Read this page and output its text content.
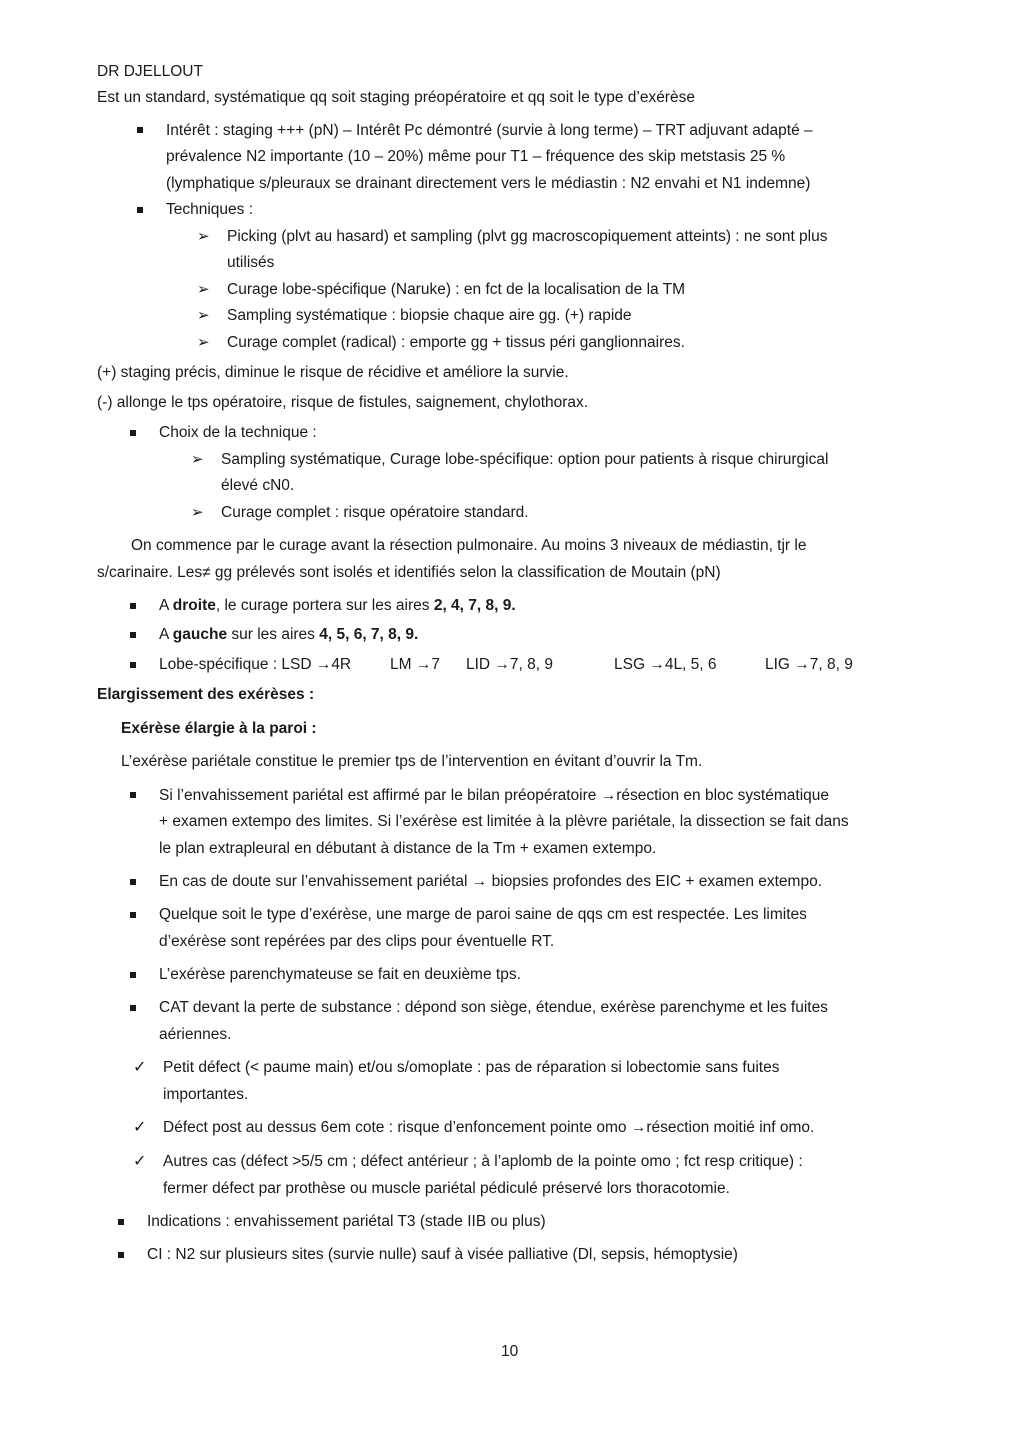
DR DJELLOUT
Est un standard, systématique qq soit staging préopératoire et qq soit le type d’exérèse
Intérêt : staging +++ (pN) – Intérêt Pc démontré (survie à long terme) – TRT adjuvant adapté –
prévalence N2 importante (10 – 20%) même pour T1 – fréquence des skip metstasis 25 %
(lymphatique s/pleuraux se drainant directement vers le médiastin : N2 envahi et N1 indemne)
Techniques :
➢ Picking (plvt au hasard) et sampling (plvt gg macroscopiquement atteints) : ne sont plus
utilisés
➢ Curage lobe-spécifique (Naruke) : en fct de la localisation de la TM
➢ Sampling systématique : biopsie chaque aire gg. (+) rapide
➢ Curage complet (radical) : emporte gg + tissus péri ganglionnaires.
(+) staging précis, diminue le risque de récidive et améliore la survie.
(-) allonge le tps opératoire, risque de fistules, saignement, chylothorax.
Choix de la technique :
➢ Sampling systématique, Curage lobe-spécifique: option pour patients à risque chirurgical
élevé cN0.
➢ Curage complet : risque opératoire standard.
On commence par le curage avant la résection pulmonaire. Au moins 3 niveaux de médiastin, tjr le
s/carinaire. Les≠ gg prélevés sont isolés et identifiés selon la classification de Moutain (pN)
A droite, le curage portera sur les aires 2, 4, 7, 8, 9.
A gauche sur les aires 4, 5, 6, 7, 8, 9.
Lobe-spécifique : LSD →4R	LM →7 LID →7, 8, 9	LSG →4L, 5, 6	LIG →7, 8, 9
Elargissement des exérèses :
Exérèse élargie à la paroi :
L’exérèse pariétale constitue le premier tps de l’intervention en évitant d’ouvrir la Tm.
Si l’envahissement pariétal est affirmé par le bilan préopératoire →résection en bloc systématique
+ examen extempo des limites. Si l’exérèse est limitée à la plèvre pariétale, la dissection se fait dans
le plan extrapleural en débutant à distance de la Tm + examen extempo.
En cas de doute sur l’envahissement pariétal → biopsies profondes des EIC + examen extempo.
Quelque soit le type d’exérèse, une marge de paroi saine de qqs cm est respectée. Les limites
d’exérèse sont repérées par des clips pour éventuelle RT.
L’exérèse parenchymateuse se fait en deuxième tps.
CAT devant la perte de substance : dépond son siège, étendue, exérèse parenchyme et les fuites
aériennes.
✓ Petit défect (< paume main) et/ou s/omoplate : pas de réparation si lobectomie sans fuites
importantes.
✓ Défect post au dessus 6em cote : risque d’enfoncement pointe omo →résection moitié inf omo.
✓ Autres cas (défect >5/5 cm ; défect antérieur ; à l’aplomb de la pointe omo ; fct resp critique) :
fermer défect par prothèse ou muscle pariétal pédiculé préservé lors thoracotomie.
Indications : envahissement pariétal T3 (stade IIB ou plus)
CI : N2 sur plusieurs sites (survie nulle) sauf à visée palliative (Dl, sepsis, hémoptysie)
10
